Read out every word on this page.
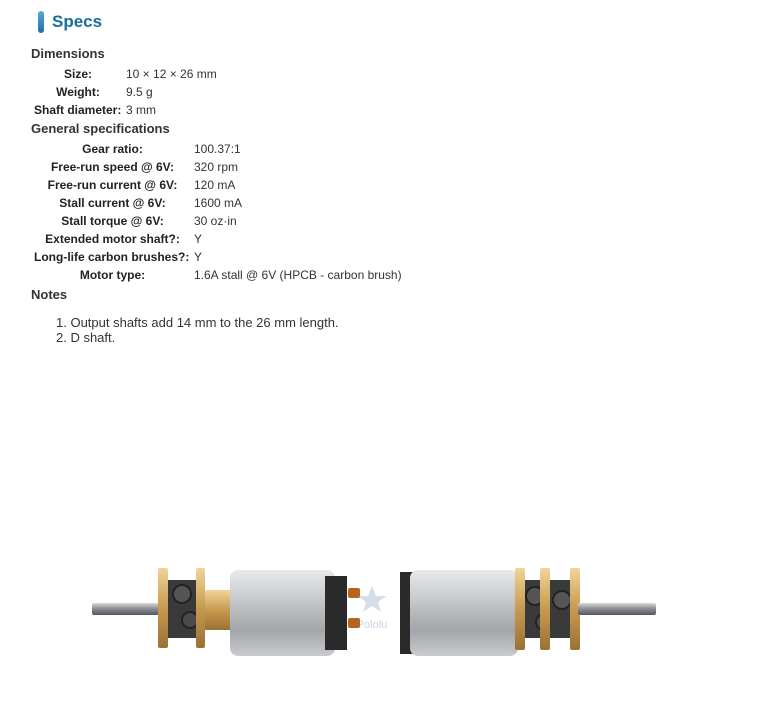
Specs
Dimensions
Size:	10 × 12 × 26 mm
Weight:	9.5 g
Shaft diameter: 3 mm
General specifications
Gear ratio:	100.37:1
Free-run speed @ 6V:	320 rpm
Free-run current @ 6V:	120 mA
Stall current @ 6V:	1600 mA
Stall torque @ 6V:	30 oz·in
Extended motor shaft?:	Y
Long-life carbon brushes?: Y
Motor type:	1.6A stall @ 6V (HPCB - carbon brush)
Notes
1. Output shafts add 14 mm to the 26 mm length.
2. D shaft.
Pololu
